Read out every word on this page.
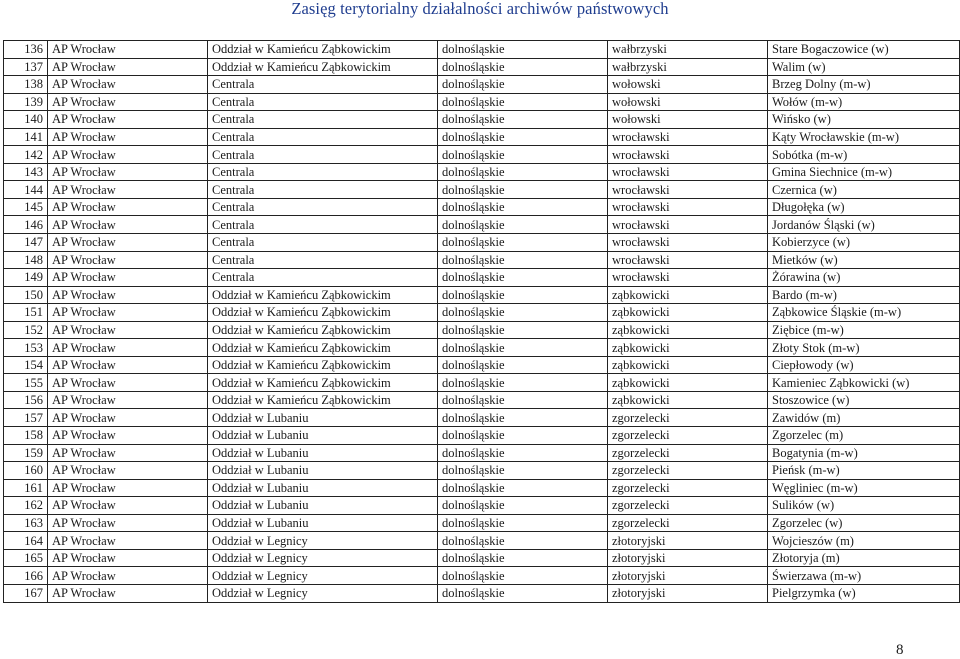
Zasięg terytorialny działalności archiwów państwowych
136	AP Wrocław	Oddział w Kamieńcu Ząbkowickim	dolnośląskie	wałbrzyski	Stare Bogaczowice (w)
137	AP Wrocław	Oddział w Kamieńcu Ząbkowickim	dolnośląskie	wałbrzyski	Walim (w)
138	AP Wrocław	Centrala	dolnośląskie	wołowski	Brzeg Dolny (m-w)
139	AP Wrocław	Centrala	dolnośląskie	wołowski	Wołów (m-w)
140	AP Wrocław	Centrala	dolnośląskie	wołowski	Wińsko (w)
141	AP Wrocław	Centrala	dolnośląskie	wrocławski	Kąty Wrocławskie (m-w)
142	AP Wrocław	Centrala	dolnośląskie	wrocławski	Sobótka (m-w)
143	AP Wrocław	Centrala	dolnośląskie	wrocławski	Gmina Siechnice (m-w)
144	AP Wrocław	Centrala	dolnośląskie	wrocławski	Czernica (w)
145	AP Wrocław	Centrala	dolnośląskie	wrocławski	Długołęka (w)
146	AP Wrocław	Centrala	dolnośląskie	wrocławski	Jordanów Śląski (w)
147	AP Wrocław	Centrala	dolnośląskie	wrocławski	Kobierzyce (w)
148	AP Wrocław	Centrala	dolnośląskie	wrocławski	Mietków (w)
149	AP Wrocław	Centrala	dolnośląskie	wrocławski	Żórawina (w)
150	AP Wrocław	Oddział w Kamieńcu Ząbkowickim	dolnośląskie	ząbkowicki	Bardo (m-w)
151	AP Wrocław	Oddział w Kamieńcu Ząbkowickim	dolnośląskie	ząbkowicki	Ząbkowice Śląskie (m-w)
152	AP Wrocław	Oddział w Kamieńcu Ząbkowickim	dolnośląskie	ząbkowicki	Ziębice (m-w)
153	AP Wrocław	Oddział w Kamieńcu Ząbkowickim	dolnośląskie	ząbkowicki	Złoty Stok (m-w)
154	AP Wrocław	Oddział w Kamieńcu Ząbkowickim	dolnośląskie	ząbkowicki	Ciepłowody (w)
155	AP Wrocław	Oddział w Kamieńcu Ząbkowickim	dolnośląskie	ząbkowicki	Kamieniec Ząbkowicki (w)
156	AP Wrocław	Oddział w Kamieńcu Ząbkowickim	dolnośląskie	ząbkowicki	Stoszowice (w)
157	AP Wrocław	Oddział w Lubaniu	dolnośląskie	zgorzelecki	Zawidów (m)
158	AP Wrocław	Oddział w Lubaniu	dolnośląskie	zgorzelecki	Zgorzelec (m)
159	AP Wrocław	Oddział w Lubaniu	dolnośląskie	zgorzelecki	Bogatynia (m-w)
160	AP Wrocław	Oddział w Lubaniu	dolnośląskie	zgorzelecki	Pieńsk (m-w)
161	AP Wrocław	Oddział w Lubaniu	dolnośląskie	zgorzelecki	Węgliniec (m-w)
162	AP Wrocław	Oddział w Lubaniu	dolnośląskie	zgorzelecki	Sulików (w)
163	AP Wrocław	Oddział w Lubaniu	dolnośląskie	zgorzelecki	Zgorzelec (w)
164	AP Wrocław	Oddział w Legnicy	dolnośląskie	złotoryjski	Wojcieszów (m)
165	AP Wrocław	Oddział w Legnicy	dolnośląskie	złotoryjski	Złotoryja (m)
166	AP Wrocław	Oddział w Legnicy	dolnośląskie	złotoryjski	Świerzawa (m-w)
167	AP Wrocław	Oddział w Legnicy	dolnośląskie	złotoryjski	Pielgrzymka (w)
8
